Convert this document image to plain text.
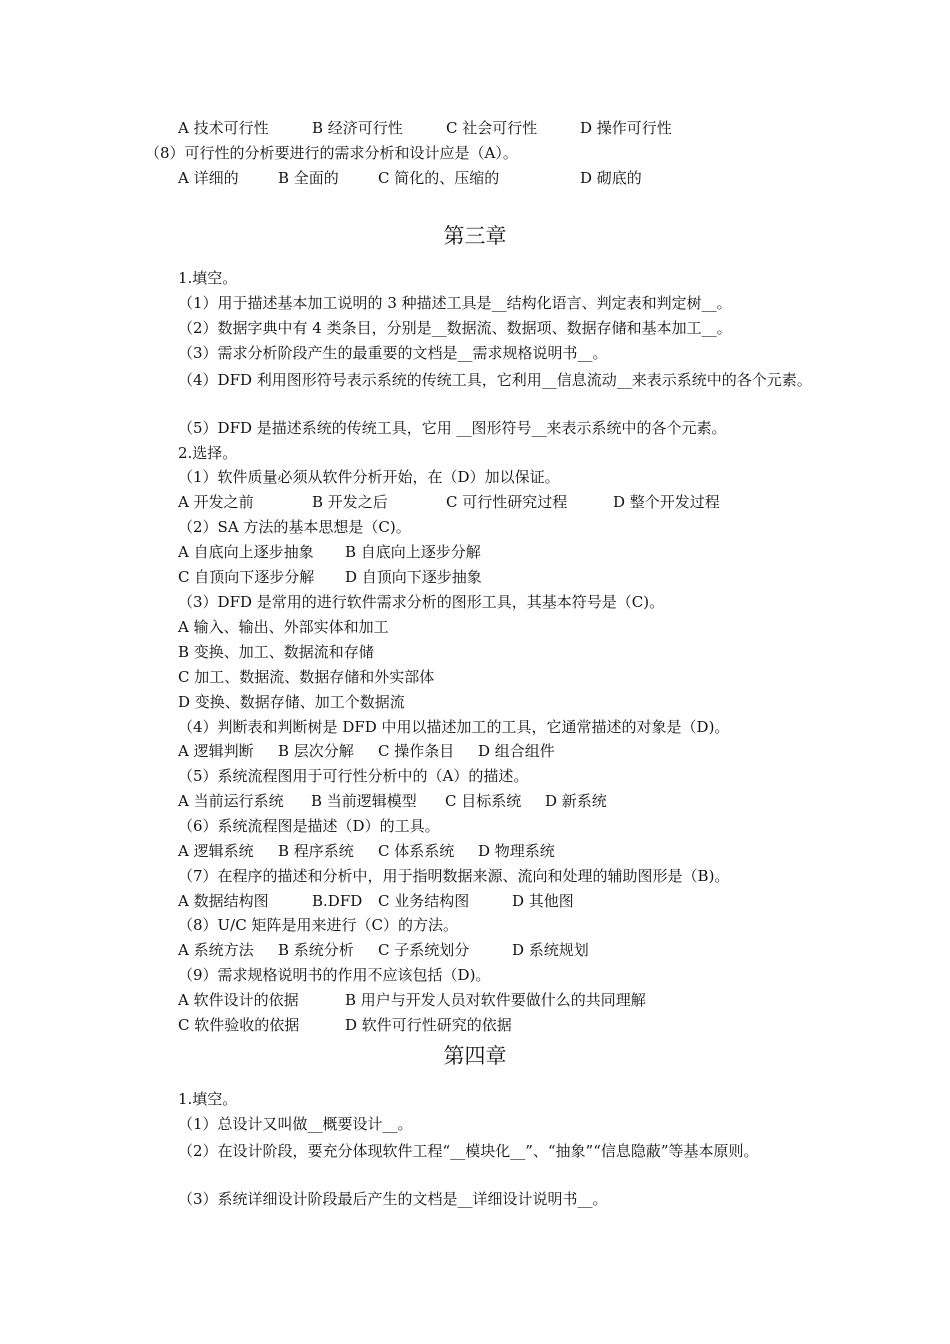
A 技术可行性	B 经济可行性	C 社会可行性	D 操作可行性
（8）可行性的分析要进行的需求分析和设计应是（A）。
A 详细的	B 全面的	C 简化的、压缩的	D 砌底的
第三章
1.填空。
（1）用于描述基本加工说明的 3 种描述工具是__结构化语言、判定表和判定树__。
（2）数据字典中有 4 类条目，分别是__数据流、数据项、数据存储和基本加工__。
（3）需求分析阶段产生的最重要的文档是__需求规格说明书__。
（4）DFD 利用图形符号表示系统的传统工具，它利用__信息流动__来表示系统中的各个元素。
（5）DFD 是描述系统的传统工具，它用 __图形符号__来表示系统中的各个元素。
2.选择。
（1）软件质量必须从软件分析开始，在（D）加以保证。
A 开发之前	B 开发之后	C 可行性研究过程	D 整个开发过程
（2）SA 方法的基本思想是（C)。
A 自底向上逐步抽象 B 自底向上逐步分解
C 自顶向下逐步分解 D 自顶向下逐步抽象
（3）DFD 是常用的进行软件需求分析的图形工具，其基本符号是（C)。
A 输入、输出、外部实体和加工
B 变换、加工、数据流和存储
C 加工、数据流、数据存储和外实部体
D 变换、数据存储、加工个数据流
（4）判断表和判断树是 DFD 中用以描述加工的工具，它通常描述的对象是（D)。
A 逻辑判断 B 层次分解 C 操作条目 D 组合组件
（5）系统流程图用于可行性分析中的（A）的描述。
A 当前运行系统 B 当前逻辑模型 C 目标系统 D 新系统
（6）系统流程图是描述（D）的工具。
A 逻辑系统 B 程序系统 C 体系系统 D 物理系统
（7）在程序的描述和分析中，用于指明数据来源、流向和处理的辅助图形是（B)。
A 数据结构图	B.DFD C 业务结构图	D 其他图
（8）U/C 矩阵是用来进行（C）的方法。
A 系统方法 B 系统分析 C 子系统划分	D 系统规划
（9）需求规格说明书的作用不应该包括（D)。
A 软件设计的依据	B 用户与开发人员对软件要做什么的共同理解
C 软件验收的依据	D 软件可行性研究的依据
第四章
1.填空。
（1）总设计又叫做__概要设计__。
（2）在设计阶段，要充分体现软件工程“__模块化__”、“抽象”“信息隐蔽”等基本原则。
（3）系统详细设计阶段最后产生的文档是__详细设计说明书__。
